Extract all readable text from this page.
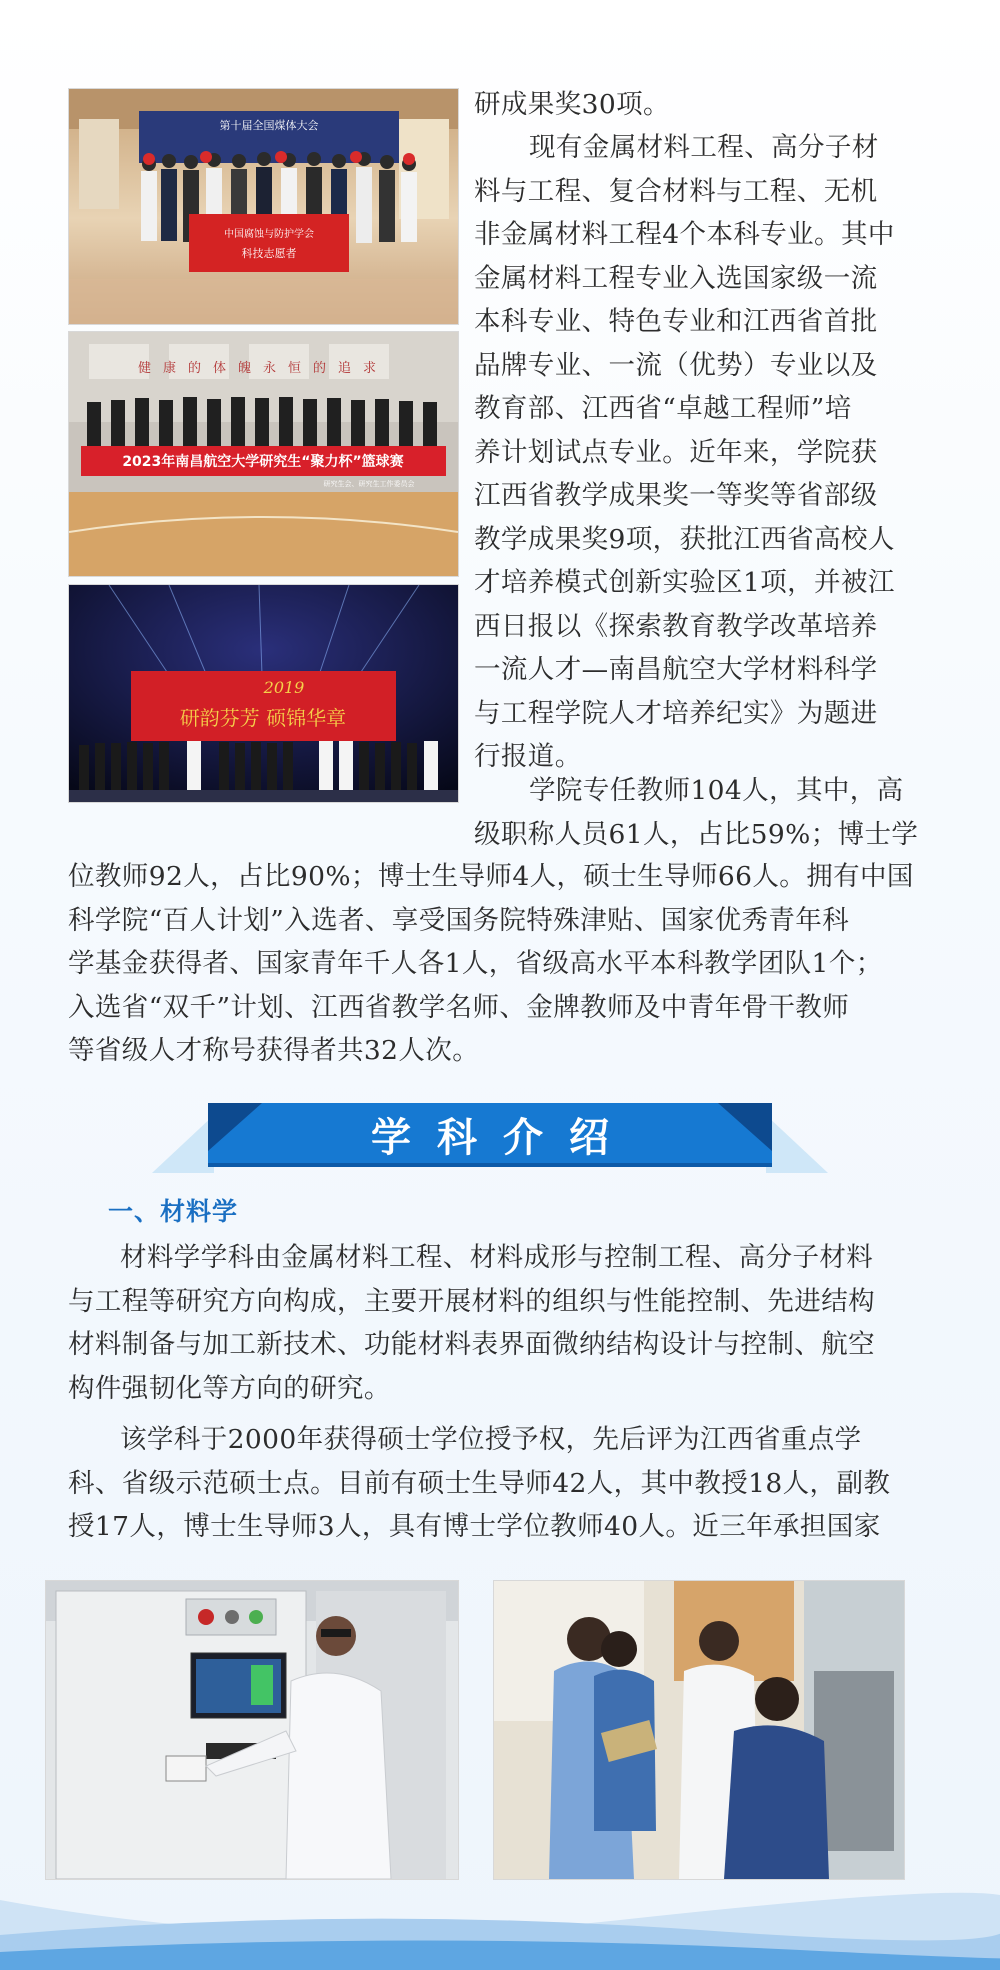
第十届全国煤体大会
中国腐蚀与防护学会
科技志愿者
健康的体魄永恒的追求
2023年南昌航空大学研究生“聚力杯”篮球赛
研究生会、研究生工作委员会
2019
研韵芬芳 硕锦华章
研成果奖30项。
现有金属材料工程、高分子材
料与工程、复合材料与工程、无机
非金属材料工程4个本科专业。其中
金属材料工程专业入选国家级一流
本科专业、特色专业和江西省首批
品牌专业、一流（优势）专业以及
教育部、江西省“卓越工程师”培
养计划试点专业。近年来，学院获
江西省教学成果奖一等奖等省部级
教学成果奖9项，获批江西省高校人
才培养模式创新实验区1项，并被江
西日报以《探索教育教学改革培养
一流人才—南昌航空大学材料科学
与工程学院人才培养纪实》为题进
行报道。
学院专任教师104人，其中，高
级职称人员61人，占比59%；博士学
位教师92人，占比90%；博士生导师4人，硕士生导师66人。拥有中国
科学院“百人计划”入选者、享受国务院特殊津贴、国家优秀青年科
学基金获得者、国家青年千人各1人，省级高水平本科教学团队1个；
入选省“双千”计划、江西省教学名师、金牌教师及中青年骨干教师
等省级人才称号获得者共32人次。
学科介绍
一、材料学
材料学学科由金属材料工程、材料成形与控制工程、高分子材料
与工程等研究方向构成，主要开展材料的组织与性能控制、先进结构
材料制备与加工新技术、功能材料表界面微纳结构设计与控制、航空
构件强韧化等方向的研究。
该学科于2000年获得硕士学位授予权，先后评为江西省重点学
科、省级示范硕士点。目前有硕士生导师42人，其中教授18人，副教
授17人，博士生导师3人，具有博士学位教师40人。近三年承担国家
